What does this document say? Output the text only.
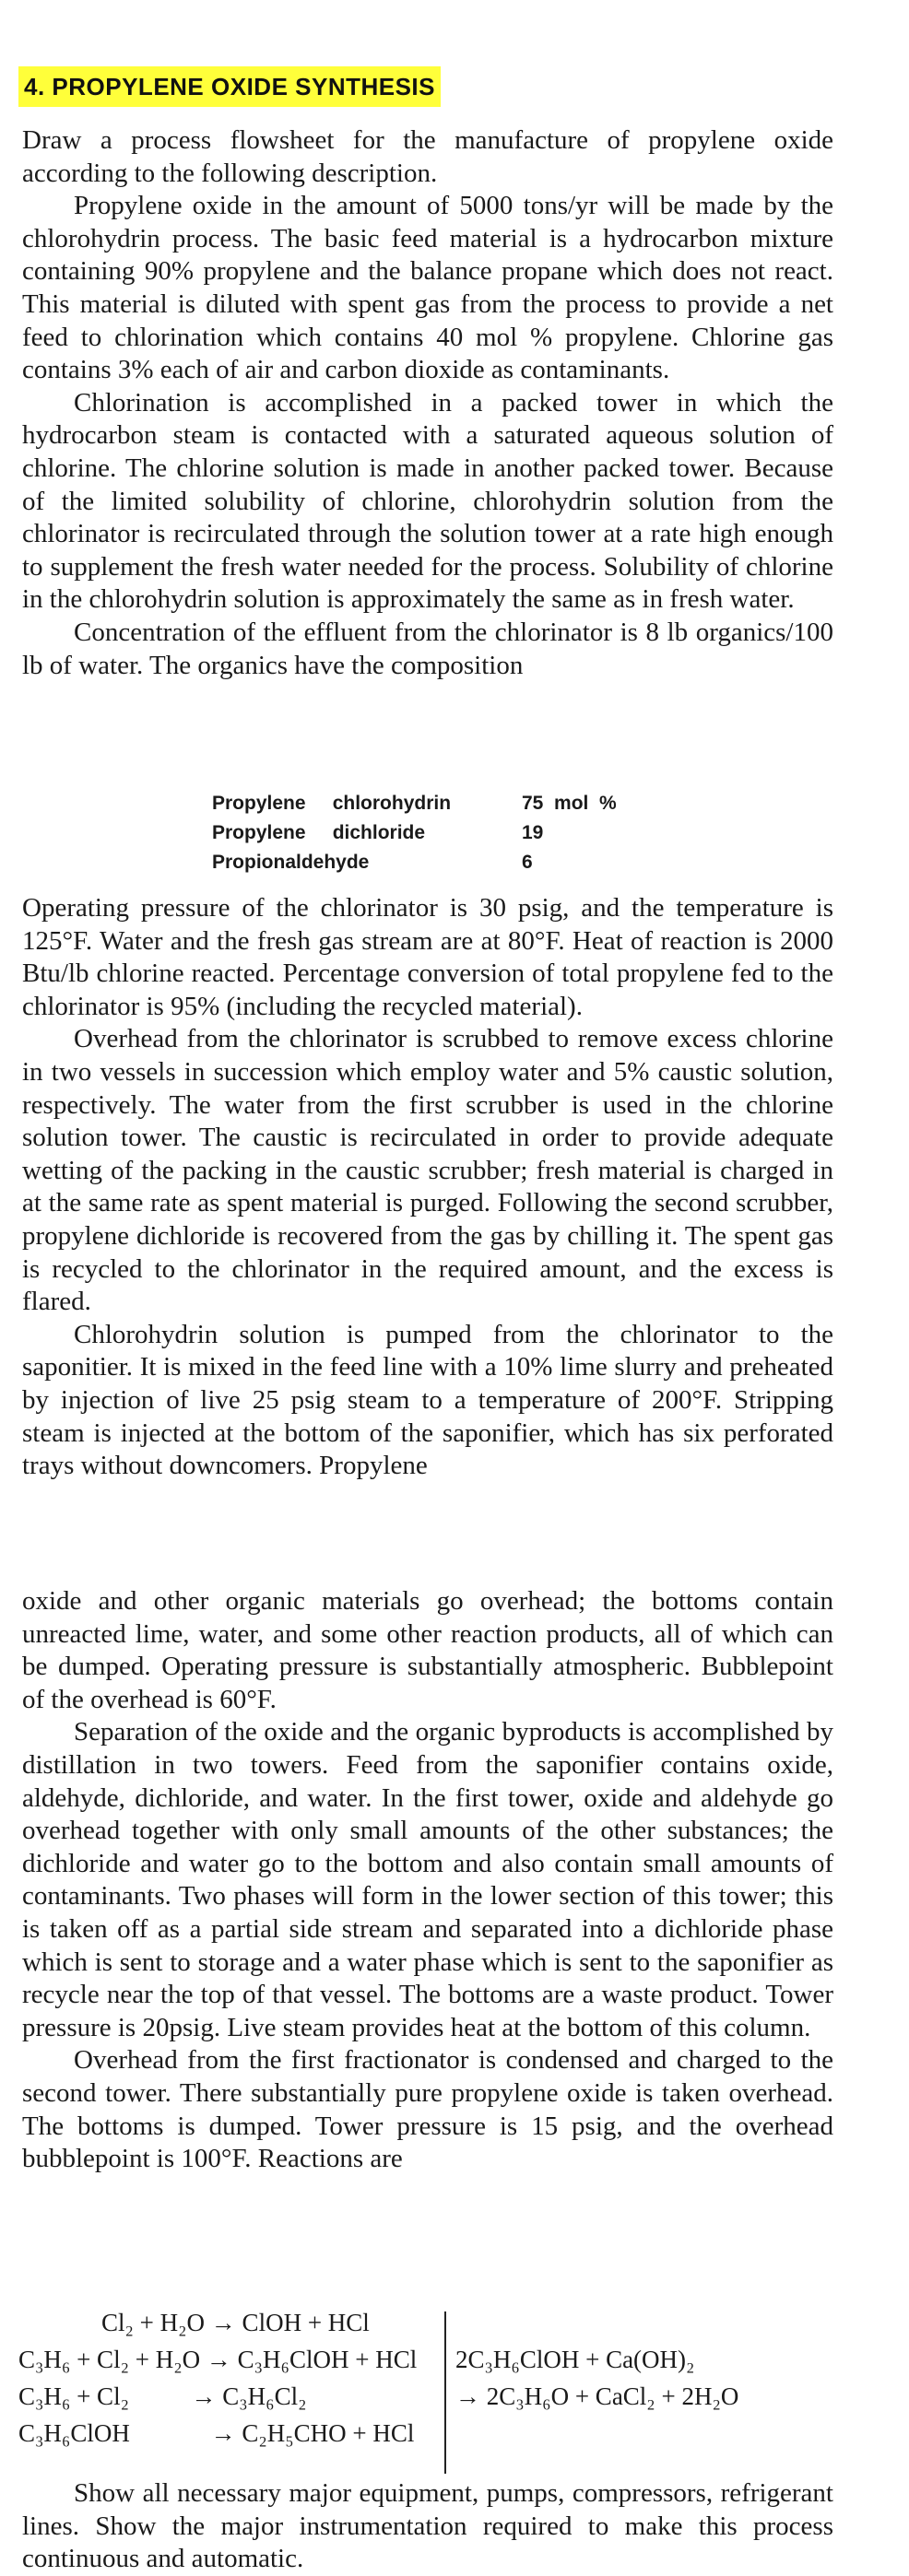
4. PROPYLENE OXIDE SYNTHESIS

Draw a process flowsheet for the manufacture of propylene oxide according to the following description.

Propylene oxide in the amount of 5000 tons/yr will be made by the chlorohydrin process. The basic feed material is a hydrocarbon mixture containing 90% propylene and the balance propane which does not react. This material is diluted with spent gas from the process to provide a net feed to chlorination which contains 40 mol % propylene. Chlorine gas contains 3% each of air and carbon dioxide as contaminants.

Chlorination is accomplished in a packed tower in which the hydrocarbon steam is contacted with a saturated aqueous solution of chlorine. The chlorine solution is made in another packed tower. Because of the limited solubility of chlorine, chlorohydrin solution from the chlorinator is recirculated through the solution tower at a rate high enough to supplement the fresh water needed for the process. Solubility of chlorine in the chlorohydrin solution is approximately the same as in fresh water.

Concentration of the effluent from the chlorinator is 8 lb organics/100 lb of water. The organics have the composition

Propylene     chlorohydrin	75  mol  %
Propylene     dichloride	19
Propionaldehyde	6

Operating pressure of the chlorinator is 30 psig, and the temperature is 125°F. Water and the fresh gas stream are at 80°F. Heat of reaction is 2000 Btu/lb chlorine reacted. Percentage conversion of total propylene fed to the chlorinator is 95% (including the recycled material).

Overhead from the chlorinator is scrubbed to remove excess chlorine in two vessels in succession which employ water and 5% caustic solution, respectively. The water from the first scrubber is used in the chlorine solution tower. The caustic is recirculated in order to provide adequate wetting of the packing in the caustic scrubber; fresh material is charged in at the same rate as spent material is purged. Following the second scrubber, propylene dichloride is recovered from the gas by chilling it. The spent gas is recycled to the chlorinator in the required amount, and the excess is flared.

Chlorohydrin solution is pumped from the chlorinator to the saponitier. It is mixed in the feed line with a 10% lime slurry and preheated by injection of live 25 psig steam to a temperature of 200°F. Stripping steam is injected at the bottom of the saponifier, which has six perforated trays without downcomers. Propylene

oxide and other organic materials go overhead; the bottoms contain unreacted lime, water, and some other reaction products, all of which can be dumped. Operating pressure is substantially atmospheric. Bubblepoint of the overhead is 60°F.

Separation of the oxide and the organic byproducts is accomplished by distillation in two towers. Feed from the saponifier contains oxide, aldehyde, dichloride, and water. In the first tower, oxide and aldehyde go overhead together with only small amounts of the other substances; the dichloride and water go to the bottom and also contain small amounts of contaminants. Two phases will form in the lower section of this tower; this is taken off as a partial side stream and separated into a dichloride phase which is sent to storage and a water phase which is sent to the saponifier as recycle near the top of that vessel. The bottoms are a waste product. Tower pressure is 20psig. Live steam provides heat at the bottom of this column.

Overhead from the first fractionator is condensed and charged to the second tower. There substantially pure propylene oxide is taken overhead. The bottoms is dumped. Tower pressure is 15 psig, and the overhead bubblepoint is 100°F. Reactions are

Cl₂ + H₂O → ClOH + HCl
C₃H₆ + Cl₂ + H₂O → C₃H₆ClOH + HCl
C₃H₆ + Cl₂          → C₃H₆Cl₂
C₃H₆ClOH             → C₂H₅CHO + HCl
2C₃H₆ClOH + Ca(OH)₂
→ 2C₃H₆O + CaCl₂ + 2H₂O

Show all necessary major equipment, pumps, compressors, refrigerant lines. Show the major instrumentation required to make this process continuous and automatic.
